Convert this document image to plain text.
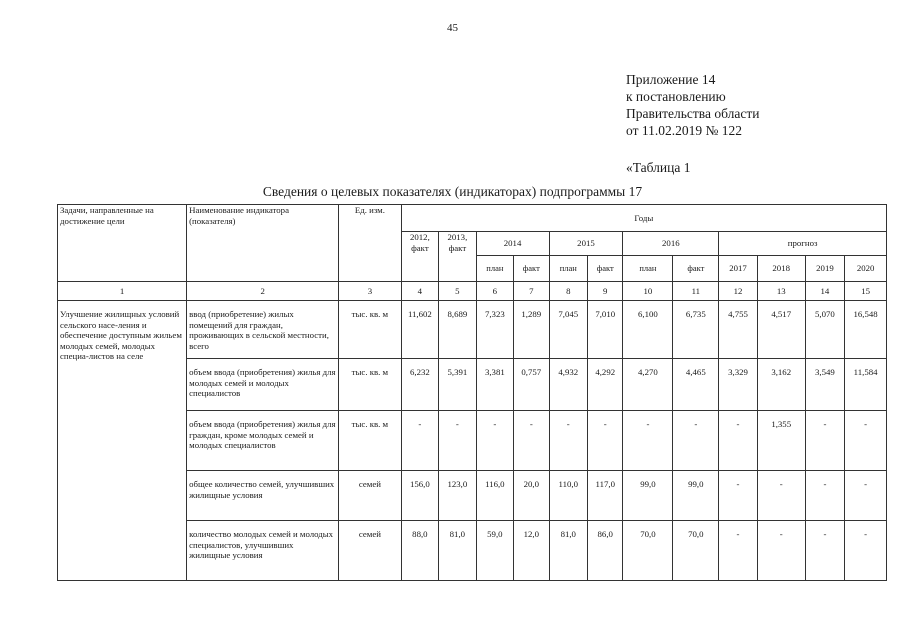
45
Приложение 14
к постановлению
Правительства области
от 11.02.2019 № 122
«Таблица 1
Сведения о целевых показателях (индикаторах) подпрограммы 17
Задачи, направленные на достижение цели	Наименование индикатора (показателя)	Ед. изм.	Годы											
			2012, факт	2013, факт	2014		2015		2016		прогноз			
					план	факт	план	факт	план	факт	2017	2018	2019	2020
1	2	3	4	5	6	7	8	9	10	11	12	13	14	15
Улучшение жилищных условий сельского насе-ления и обеспечение доступным жильем молодых семей, молодых специа-листов на селе	ввод (приобретение) жилых помещений для граждан, проживающих в сельской местности, всего	тыс. кв. м	11,602	8,689	7,323	1,289	7,045	7,010	6,100	6,735	4,755	4,517	5,070	16,548
	объем ввода (приобретения) жилья для молодых семей и молодых специалистов	тыс. кв. м	6,232	5,391	3,381	0,757	4,932	4,292	4,270	4,465	3,329	3,162	3,549	11,584
	объем ввода (приобретения) жилья для граждан, кроме молодых семей и молодых специалистов	тыс. кв. м	-	-	-	-	-	-	-	-	-	1,355	-	-
	общее количество семей, улучшивших жилищные условия	семей	156,0	123,0	116,0	20,0	110,0	117,0	99,0	99,0	-	-	-	-
	количество молодых семей и молодых специалистов, улучшивших жилищные условия	семей	88,0	81,0	59,0	12,0	81,0	86,0	70,0	70,0	-	-	-	-
